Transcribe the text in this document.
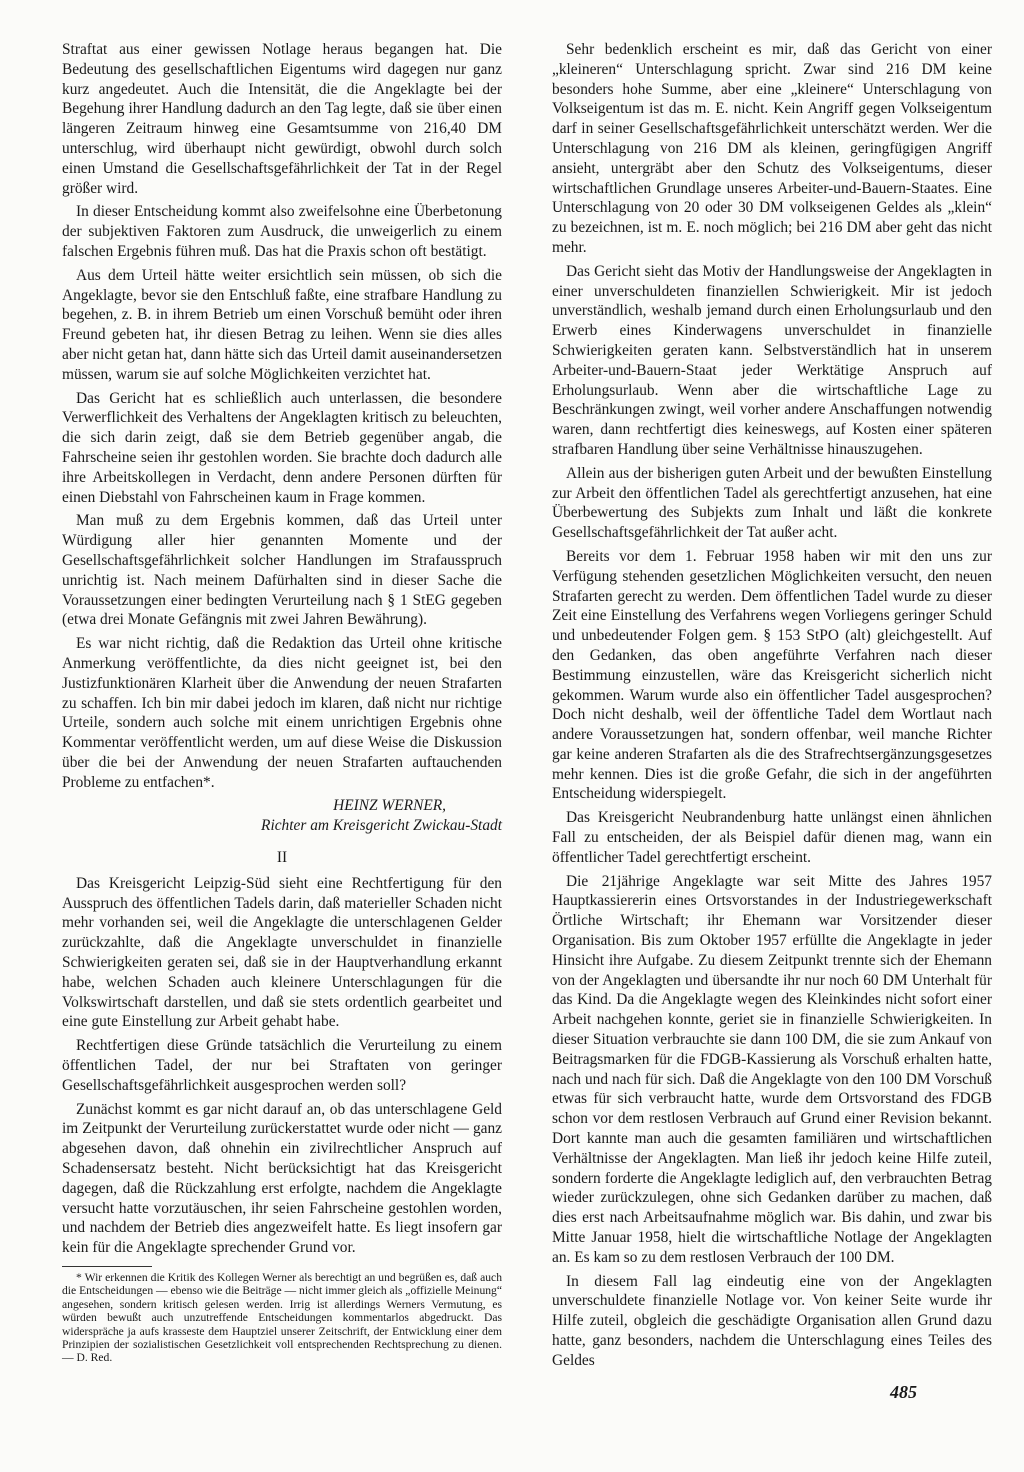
Straftat aus einer gewissen Notlage heraus begangen hat. Die Bedeutung des gesellschaftlichen Eigentums wird dagegen nur ganz kurz angedeutet. Auch die Intensität, die die Angeklagte bei der Begehung ihrer Handlung dadurch an den Tag legte, daß sie über einen längeren Zeitraum hinweg eine Gesamtsumme von 216,40 DM unterschlug, wird überhaupt nicht gewürdigt, obwohl durch solch einen Umstand die Gesellschaftsgefährlichkeit der Tat in der Regel größer wird.

In dieser Entscheidung kommt also zweifelsohne eine Überbetonung der subjektiven Faktoren zum Ausdruck, die unweigerlich zu einem falschen Ergebnis führen muß. Das hat die Praxis schon oft bestätigt.

Aus dem Urteil hätte weiter ersichtlich sein müssen, ob sich die Angeklagte, bevor sie den Entschluß faßte, eine strafbare Handlung zu begehen, z. B. in ihrem Betrieb um einen Vorschuß bemüht oder ihren Freund gebeten hat, ihr diesen Betrag zu leihen. Wenn sie dies alles aber nicht getan hat, dann hätte sich das Urteil damit auseinandersetzen müssen, warum sie auf solche Möglichkeiten verzichtet hat.

Das Gericht hat es schließlich auch unterlassen, die besondere Verwerflichkeit des Verhaltens der Angeklagten kritisch zu beleuchten, die sich darin zeigt, daß sie dem Betrieb gegenüber angab, die Fahrscheine seien ihr gestohlen worden. Sie brachte doch dadurch alle ihre Arbeitskollegen in Verdacht, denn andere Personen dürften für einen Diebstahl von Fahrscheinen kaum in Frage kommen.

Man muß zu dem Ergebnis kommen, daß das Urteil unter Würdigung aller hier genannten Momente und der Gesellschaftsgefährlichkeit solcher Handlungen im Strafausspruch unrichtig ist. Nach meinem Dafürhalten sind in dieser Sache die Voraussetzungen einer bedingten Verurteilung nach § 1 StEG gegeben (etwa drei Monate Gefängnis mit zwei Jahren Bewährung).

Es war nicht richtig, daß die Redaktion das Urteil ohne kritische Anmerkung veröffentlichte, da dies nicht geeignet ist, bei den Justizfunktionären Klarheit über die Anwendung der neuen Strafarten zu schaffen. Ich bin mir dabei jedoch im klaren, daß nicht nur richtige Urteile, sondern auch solche mit einem unrichtigen Ergebnis ohne Kommentar veröffentlicht werden, um auf diese Weise die Diskussion über die bei der Anwendung der neuen Strafarten auftauchenden Probleme zu entfachen*.

HEINZ WERNER,
Richter am Kreisgericht Zwickau-Stadt
II

Das Kreisgericht Leipzig-Süd sieht eine Rechtfertigung für den Ausspruch des öffentlichen Tadels darin, daß materieller Schaden nicht mehr vorhanden sei, weil die Angeklagte die unterschlagenen Gelder zurückzahlte, daß die Angeklagte unverschuldet in finanzielle Schwierigkeiten geraten sei, daß sie in der Hauptverhandlung erkannt habe, welchen Schaden auch kleinere Unterschlagungen für die Volkswirtschaft darstellen, und daß sie stets ordentlich gearbeitet und eine gute Einstellung zur Arbeit gehabt habe.

Rechtfertigen diese Gründe tatsächlich die Verurteilung zu einem öffentlichen Tadel, der nur bei Straftaten von geringer Gesellschaftsgefährlichkeit ausgesprochen werden soll?

Zunächst kommt es gar nicht darauf an, ob das unterschlagene Geld im Zeitpunkt der Verurteilung zurückerstattet wurde oder nicht — ganz abgesehen davon, daß ohnehin ein zivilrechtlicher Anspruch auf Schadensersatz besteht. Nicht berücksichtigt hat das Kreisgericht dagegen, daß die Rückzahlung erst erfolgte, nachdem die Angeklagte versucht hatte vorzutäuschen, ihr seien Fahrscheine gestohlen worden, und nachdem der Betrieb dies angezweifelt hatte. Es liegt insofern gar kein für die Angeklagte sprechender Grund vor.

* Wir erkennen die Kritik des Kollegen Werner als berechtigt an und begrüßen es, daß auch die Entscheidungen — ebenso wie die Beiträge — nicht immer gleich als „offizielle Meinung“ angesehen, sondern kritisch gelesen werden. Irrig ist allerdings Werners Vermutung, es würden bewußt auch unzutreffende Entscheidungen kommentarlos abgedruckt. Das widerspräche ja aufs krasseste dem Hauptziel unserer Zeitschrift, der Entwicklung einer dem Prinzipien der sozialistischen Gesetzlichkeit voll entsprechenden Rechtsprechung zu dienen. — D. Red.

Sehr bedenklich erscheint es mir, daß das Gericht von einer „kleineren“ Unterschlagung spricht. Zwar sind 216 DM keine besonders hohe Summe, aber eine „kleinere“ Unterschlagung von Volkseigentum ist das m. E. nicht. Kein Angriff gegen Volkseigentum darf in seiner Gesellschaftsgefährlichkeit unterschätzt werden. Wer die Unterschlagung von 216 DM als kleinen, geringfügigen Angriff ansieht, untergräbt aber den Schutz des Volkseigentums, dieser wirtschaftlichen Grundlage unseres Arbeiter-und-Bauern-Staates. Eine Unterschlagung von 20 oder 30 DM volkseigenen Geldes als „klein“ zu bezeichnen, ist m. E. noch möglich; bei 216 DM aber geht das nicht mehr.

Das Gericht sieht das Motiv der Handlungsweise der Angeklagten in einer unverschuldeten finanziellen Schwierigkeit. Mir ist jedoch unverständlich, weshalb jemand durch einen Erholungsurlaub und den Erwerb eines Kinderwagens unverschuldet in finanzielle Schwierigkeiten geraten kann. Selbstverständlich hat in unserem Arbeiter-und-Bauern-Staat jeder Werktätige Anspruch auf Erholungsurlaub. Wenn aber die wirtschaftliche Lage zu Beschränkungen zwingt, weil vorher andere Anschaffungen notwendig waren, dann rechtfertigt dies keineswegs, auf Kosten einer späteren strafbaren Handlung über seine Verhältnisse hinauszugehen.

Allein aus der bisherigen guten Arbeit und der bewußten Einstellung zur Arbeit den öffentlichen Tadel als gerechtfertigt anzusehen, hat eine Überbewertung des Subjekts zum Inhalt und läßt die konkrete Gesellschaftsgefährlichkeit der Tat außer acht.

Bereits vor dem 1. Februar 1958 haben wir mit den uns zur Verfügung stehenden gesetzlichen Möglichkeiten versucht, den neuen Strafarten gerecht zu werden. Dem öffentlichen Tadel wurde zu dieser Zeit eine Einstellung des Verfahrens wegen Vorliegens geringer Schuld und unbedeutender Folgen gem. § 153 StPO (alt) gleichgestellt. Auf den Gedanken, das oben angeführte Verfahren nach dieser Bestimmung einzustellen, wäre das Kreisgericht sicherlich nicht gekommen. Warum wurde also ein öffentlicher Tadel ausgesprochen? Doch nicht deshalb, weil der öffentliche Tadel dem Wortlaut nach andere Voraussetzungen hat, sondern offenbar, weil manche Richter gar keine anderen Strafarten als die des Strafrechtsergänzungsgesetzes mehr kennen. Dies ist die große Gefahr, die sich in der angeführten Entscheidung widerspiegelt.

Das Kreisgericht Neubrandenburg hatte unlängst einen ähnlichen Fall zu entscheiden, der als Beispiel dafür dienen mag, wann ein öffentlicher Tadel gerechtfertigt erscheint.

Die 21jährige Angeklagte war seit Mitte des Jahres 1957 Hauptkassiererin eines Ortsvorstandes in der Industriegewerkschaft Örtliche Wirtschaft; ihr Ehemann war Vorsitzender dieser Organisation. Bis zum Oktober 1957 erfüllte die Angeklagte in jeder Hinsicht ihre Aufgabe. Zu diesem Zeitpunkt trennte sich der Ehemann von der Angeklagten und übersandte ihr nur noch 60 DM Unterhalt für das Kind. Da die Angeklagte wegen des Kleinkindes nicht sofort einer Arbeit nachgehen konnte, geriet sie in finanzielle Schwierigkeiten. In dieser Situation verbrauchte sie dann 100 DM, die sie zum Ankauf von Beitragsmarken für die FDGB-Kassierung als Vorschuß erhalten hatte, nach und nach für sich. Daß die Angeklagte von den 100 DM Vorschuß etwas für sich verbraucht hatte, wurde dem Ortsvorstand des FDGB schon vor dem restlosen Verbrauch auf Grund einer Revision bekannt. Dort kannte man auch die gesamten familiären und wirtschaftlichen Verhältnisse der Angeklagten. Man ließ ihr jedoch keine Hilfe zuteil, sondern forderte die Angeklagte lediglich auf, den verbrauchten Betrag wieder zurückzulegen, ohne sich Gedanken darüber zu machen, daß dies erst nach Arbeitsaufnahme möglich war. Bis dahin, und zwar bis Mitte Januar 1958, hielt die wirtschaftliche Notlage der Angeklagten an. Es kam so zu dem restlosen Verbrauch der 100 DM.

In diesem Fall lag eindeutig eine von der Angeklagten unverschuldete finanzielle Notlage vor. Von keiner Seite wurde ihr Hilfe zuteil, obgleich die geschädigte Organisation allen Grund dazu hatte, ganz besonders, nachdem die Unterschlagung eines Teiles des Geldes

485
